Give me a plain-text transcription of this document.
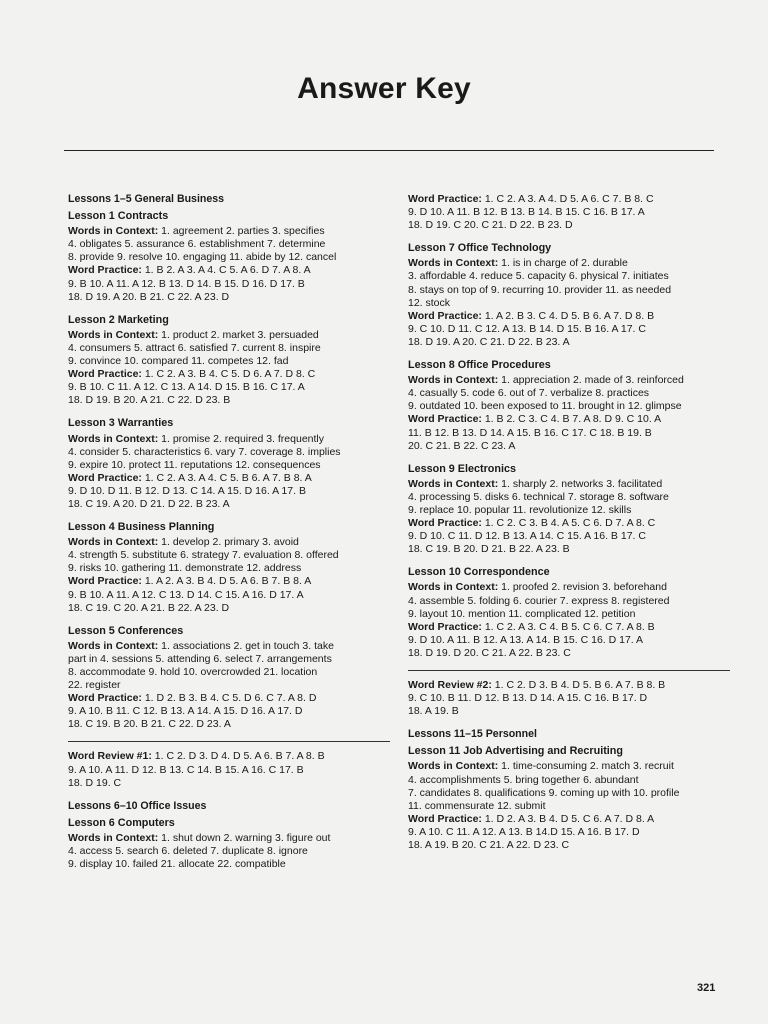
Answer Key
Lessons 1–5 General Business
Lesson 1 Contracts
Words in Context: 1. agreement 2. parties 3. specifies
4. obligates 5. assurance 6. establishment 7. determine
8. provide 9. resolve 10. engaging 11. abide by 12. cancel
Word Practice: 1. B 2. A 3. A 4. C 5. A 6. D 7. A 8. A
9. B 10. A 11. A 12. B 13. D 14. B 15. D 16. D 17. B
18. D 19. A 20. B 21. C 22. A 23. D
Lesson 2 Marketing
Words in Context: 1. product 2. market 3. persuaded
4. consumers 5. attract 6. satisfied 7. current 8. inspire
9. convince 10. compared 11. competes 12. fad
Word Practice: 1. C 2. A 3. B 4. C 5. D 6. A 7. D 8. C
9. B 10. C 11. A 12. C 13. A 14. D 15. B 16. C 17. A
18. D 19. B 20. A 21. C 22. D 23. B
Lesson 3 Warranties
Words in Context: 1. promise 2. required 3. frequently
4. consider 5. characteristics 6. vary 7. coverage 8. implies
9. expire 10. protect 11. reputations 12. consequences
Word Practice: 1. C 2. A 3. A 4. C 5. B 6. A 7. B 8. A
9. D 10. D 11. B 12. D 13. C 14. A 15. D 16. A 17. B
18. C 19. A 20. D 21. D 22. B 23. A
Lesson 4 Business Planning
Words in Context: 1. develop 2. primary 3. avoid
4. strength 5. substitute 6. strategy 7. evaluation 8. offered
9. risks 10. gathering 11. demonstrate 12. address
Word Practice: 1. A 2. A 3. B 4. D 5. A 6. B 7. B 8. A
9. B 10. A 11. A 12. C 13. D 14. C 15. A 16. D 17. A
18. C 19. C 20. A 21. B 22. A 23. D
Lesson 5 Conferences
Words in Context: 1. associations 2. get in touch 3. take
part in 4. sessions 5. attending 6. select 7. arrangements
8. accommodate 9. hold 10. overcrowded 21. location
22. register
Word Practice: 1. D 2. B 3. B 4. C 5. D 6. C 7. A 8. D
9. A 10. B 11. C 12. B 13. A 14. A 15. D 16. A 17. D
18. C 19. B 20. B 21. C 22. D 23. A
Word Review #1: 1. C 2. D 3. D 4. D 5. A 6. B 7. A 8. B
9. A 10. A 11. D 12. B 13. C 14. B 15. A 16. C 17. B
18. D 19. C
Lessons 6–10 Office Issues
Lesson 6 Computers
Words in Context: 1. shut down 2. warning 3. figure out
4. access 5. search 6. deleted 7. duplicate 8. ignore
9. display 10. failed 21. allocate 22. compatible
Word Practice: 1. C 2. A 3. A 4. D 5. A 6. C 7. B 8. C
9. D 10. A 11. B 12. B 13. B 14. B 15. C 16. B 17. A
18. D 19. C 20. C 21. D 22. B 23. D
Lesson 7 Office Technology
Words in Context: 1. is in charge of 2. durable
3. affordable 4. reduce 5. capacity 6. physical 7. initiates
8. stays on top of 9. recurring 10. provider 11. as needed
12. stock
Word Practice: 1. A 2. B 3. C 4. D 5. B 6. A 7. D 8. B
9. C 10. D 11. C 12. A 13. B 14. D 15. B 16. A 17. C
18. D 19. A 20. C 21. D 22. B 23. A
Lesson 8 Office Procedures
Words in Context: 1. appreciation 2. made of 3. reinforced
4. casually 5. code 6. out of 7. verbalize 8. practices
9. outdated 10. been exposed to 11. brought in 12. glimpse
Word Practice: 1. B 2. C 3. C 4. B 7. A 8. D 9. C 10. A
11. B 12. B 13. D 14. A 15. B 16. C 17. C 18. B 19. B
20. C 21. B 22. C 23. A
Lesson 9 Electronics
Words in Context: 1. sharply 2. networks 3. facilitated
4. processing 5. disks 6. technical 7. storage 8. software
9. replace 10. popular 11. revolutionize 12. skills
Word Practice: 1. C 2. C 3. B 4. A 5. C 6. D 7. A 8. C
9. D 10. C 11. D 12. B 13. A 14. C 15. A 16. B 17. C
18. C 19. B 20. D 21. B 22. A 23. B
Lesson 10 Correspondence
Words in Context: 1. proofed 2. revision 3. beforehand
4. assemble 5. folding 6. courier 7. express 8. registered
9. layout 10. mention 11. complicated 12. petition
Word Practice: 1. C 2. A 3. C 4. B 5. C 6. C 7. A 8. B
9. D 10. A 11. B 12. A 13. A 14. B 15. C 16. D 17. A
18. D 19. D 20. C 21. A 22. B 23. C
Word Review #2: 1. C 2. D 3. B 4. D 5. B 6. A 7. B 8. B
9. C 10. B 11. D 12. B 13. D 14. A 15. C 16. B 17. D
18. A 19. B
Lessons 11–15 Personnel
Lesson 11 Job Advertising and Recruiting
Words in Context: 1. time-consuming 2. match 3. recruit
4. accomplishments 5. bring together 6. abundant
7. candidates 8. qualifications 9. coming up with 10. profile
11. commensurate 12. submit
Word Practice: 1. D 2. A 3. B 4. D 5. C 6. A 7. D 8. A
9. A 10. C 11. A 12. A 13. B 14.D 15. A 16. B 17. D
18. A 19. B 20. C 21. A 22. D 23. C
321
